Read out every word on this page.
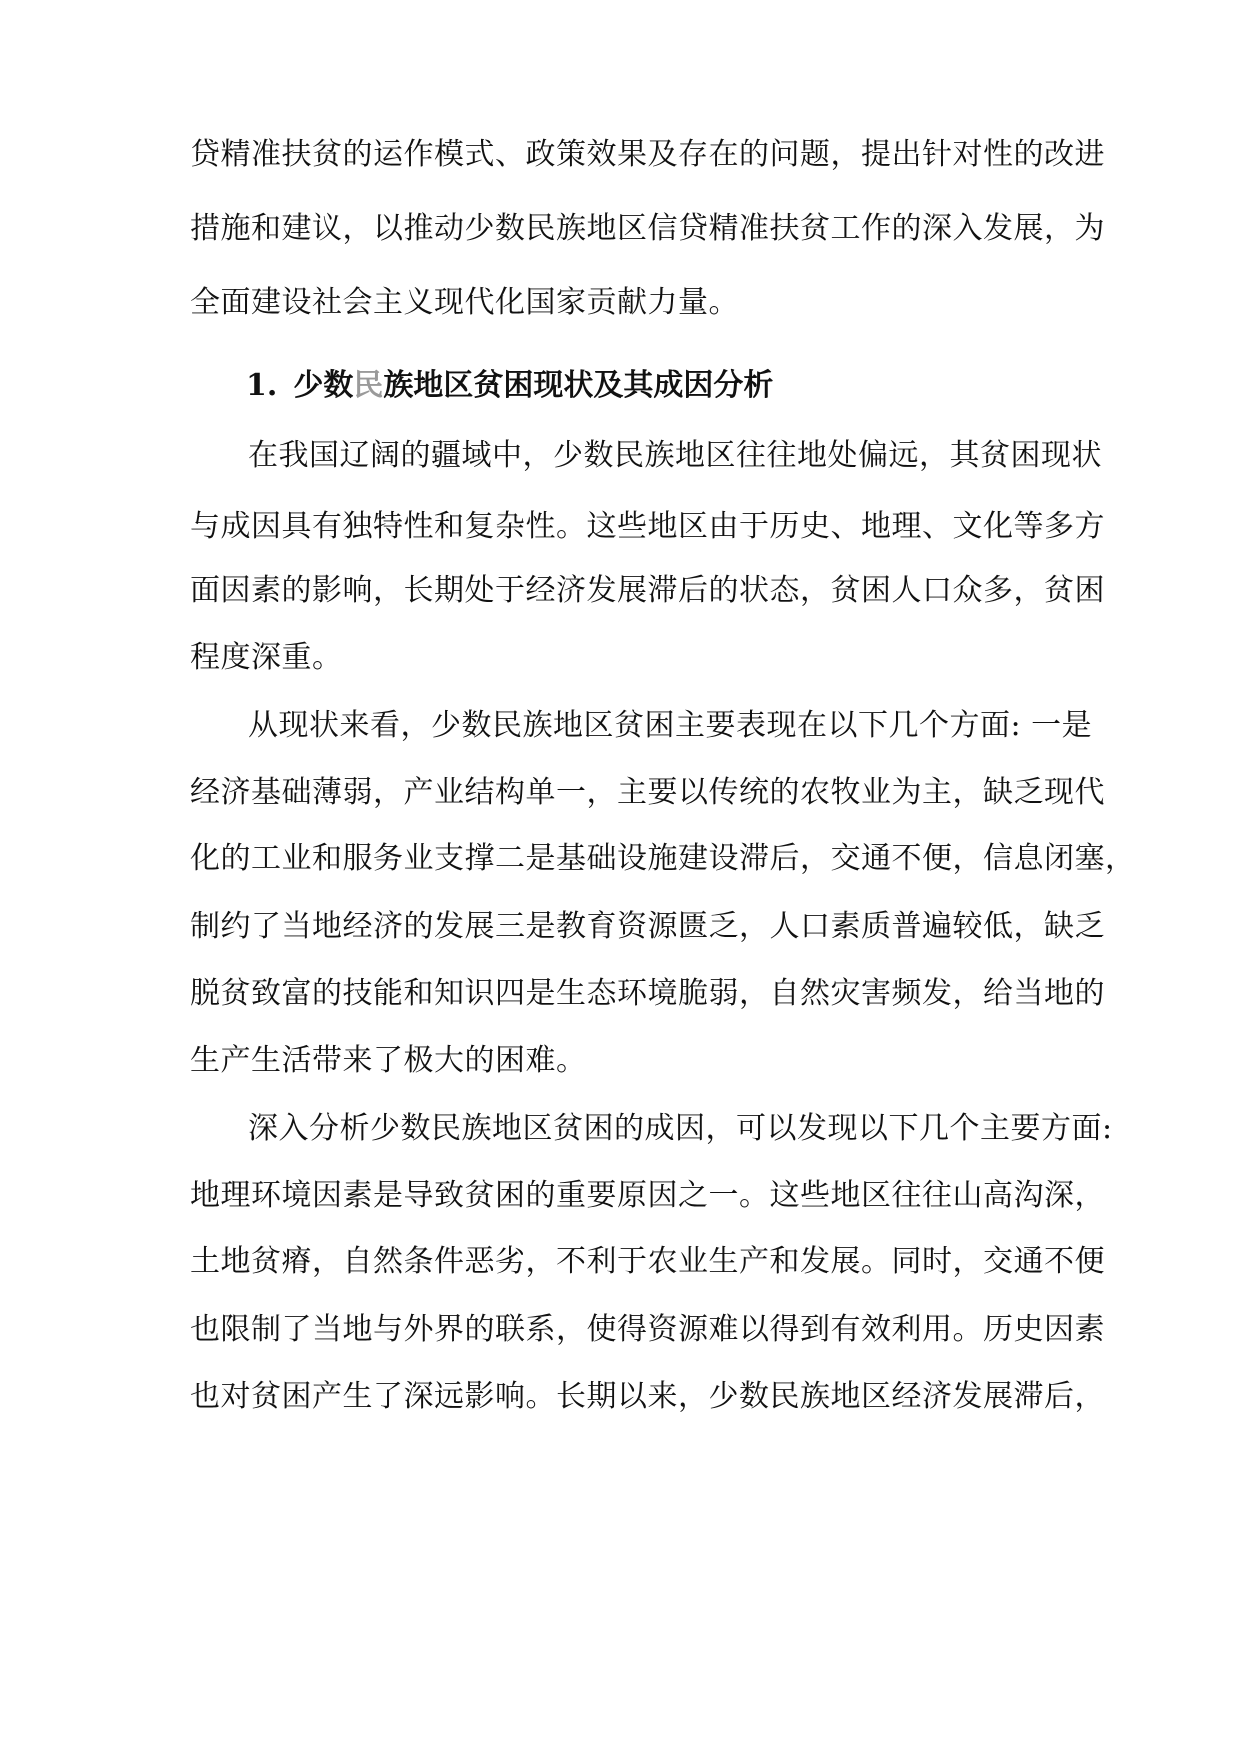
贷精准扶贫的运作模式、政策效果及存在的问题，提出针对性的改进
措施和建议，以推动少数民族地区信贷精准扶贫工作的深入发展，为
全面建设社会主义现代化国家贡献力量。
1. 少数民族地区贫困现状及其成因分析
在我国辽阔的疆域中，少数民族地区往往地处偏远，其贫困现状
与成因具有独特性和复杂性。这些地区由于历史、地理、文化等多方
面因素的影响，长期处于经济发展滞后的状态，贫困人口众多，贫困
程度深重。
从现状来看，少数民族地区贫困主要表现在以下几个方面: 一是
经济基础薄弱，产业结构单一，主要以传统的农牧业为主，缺乏现代
化的工业和服务业支撑二是基础设施建设滞后，交通不便，信息闭塞，
制约了当地经济的发展三是教育资源匮乏，人口素质普遍较低，缺乏
脱贫致富的技能和知识四是生态环境脆弱，自然灾害频发，给当地的
生产生活带来了极大的困难。
深入分析少数民族地区贫困的成因，可以发现以下几个主要方面:
地理环境因素是导致贫困的重要原因之一。这些地区往往山高沟深，
土地贫瘠，自然条件恶劣，不利于农业生产和发展。同时，交通不便
也限制了当地与外界的联系，使得资源难以得到有效利用。历史因素
也对贫困产生了深远影响。长期以来，少数民族地区经济发展滞后，
